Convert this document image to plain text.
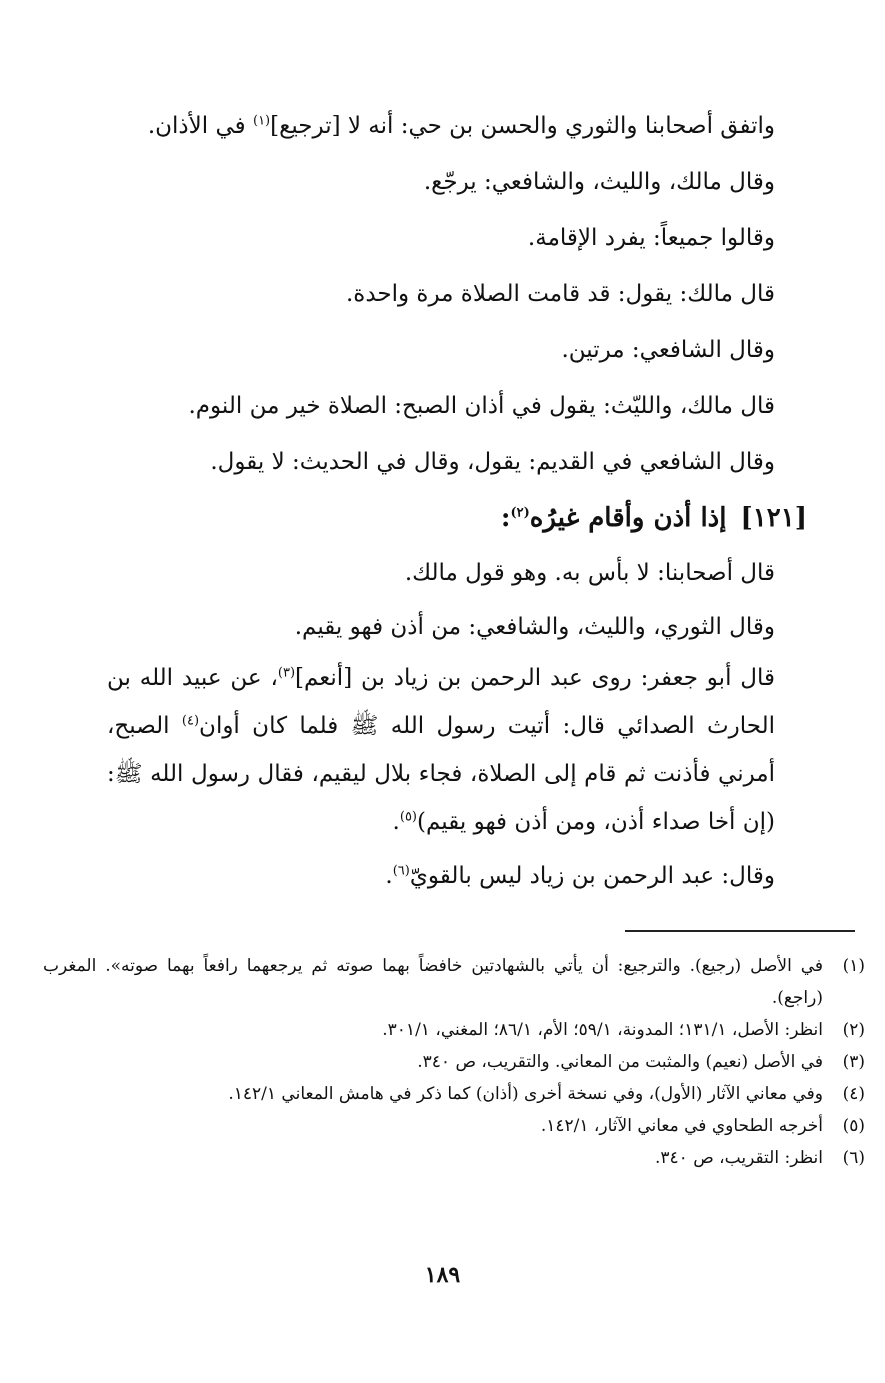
واتفق أصحابنا والثوري والحسن بن حي: أنه لا [ترجيع]$^{(١)}$ في الأذان.

وقال مالك، والليث، والشافعي: يرجّع.

وقالوا جميعاً: يفرد الإقامة.

قال مالك: يقول: قد قامت الصلاة مرة واحدة.

وقال الشافعي: مرتين.

قال مالك، والليّث: يقول في أذان الصبح: الصلاة خير من النوم.

وقال الشافعي في القديم: يقول، وقال في الحديث: لا يقول.

[١٢١]إذا أذن وأقام غيرُه$^{(٢)}$:

قال أصحابنا: لا بأس به. وهو قول مالك.

وقال الثوري، والليث، والشافعي: من أذن فهو يقيم.

قال أبو جعفر: روى عبد الرحمن بن زياد بن [أنعم]$^{(٣)}$، عن عبيد الله بن الحارث الصدائي قال: أتيت رسول الله ﷺ فلما كان أوان$^{(٤)}$ الصبح، أمرني فأذنت ثم قام إلى الصلاة، فجاء بلال ليقيم، فقال رسول الله ﷺ: (إن أخا صداء أذن، ومن أذن فهو يقيم)$^{(٥)}$.

وقال: عبد الرحمن بن زياد ليس بالقويّ$^{(٦)}$.

(١)
في الأصل (رجيع). والترجيع: أن يأتي بالشهادتين خافضاً بهما صوته ثم يرجعهما رافعاً بهما صوته». المغرب (راجع).
(٢)
انظر: الأصل، ١٣١/١؛ المدونة، ٥٩/١؛ الأم، ٨٦/١؛ المغني، ٣٠١/١.
(٣)
في الأصل (نعيم) والمثبت من المعاني. والتقريب، ص ٣٤٠.
(٤)
وفي معاني الآثار (الأول)، وفي نسخة أخرى (أذان) كما ذكر في هامش المعاني ١٤٢/١.
(٥)
أخرجه الطحاوي في معاني الآثار، ١٤٢/١.
(٦)
انظر: التقريب، ص ٣٤٠.
١٨٩
